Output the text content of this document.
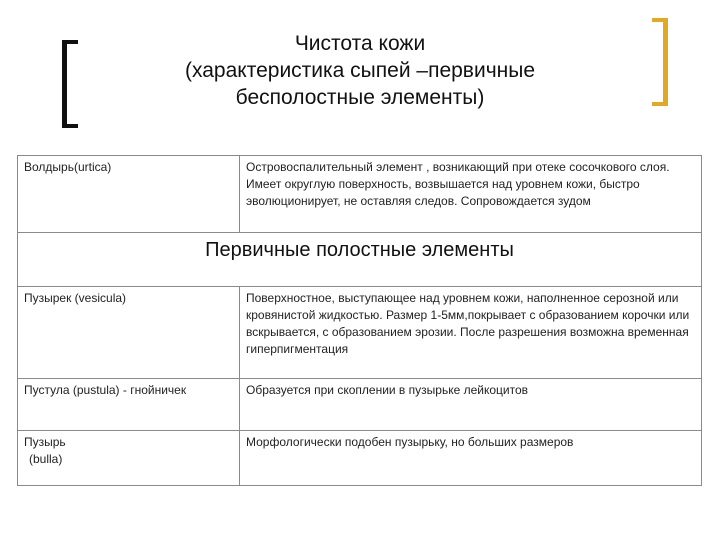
Чистота кожи
(характеристика сыпей –первичные
бесполостные элементы)
Волдырь(urtica)	Островоспалительный элемент , возникающий при отеке сосочкового слоя. Имеет округлую поверхность, возвышается над уровнем кожи, быстро эволюционирует, не оставляя следов. Сопровождается зудом
Первичные полостные элементы	
Пузырек (vesicula)	Поверхностное, выступающее над уровнем кожи, наполненное серозной или кровянистой жидкостью. Размер 1-5мм,покрывает с образованием корочки или вскрывается, с образованием эрозии. После разрешения возможна временная гиперпигментация
Пустула (pustula) - гнойничек	Образуется при скоплении в пузырьке лейкоцитов

Пузырь
(bulla)	Морфологически подобен пузырьку, но больших размеров
